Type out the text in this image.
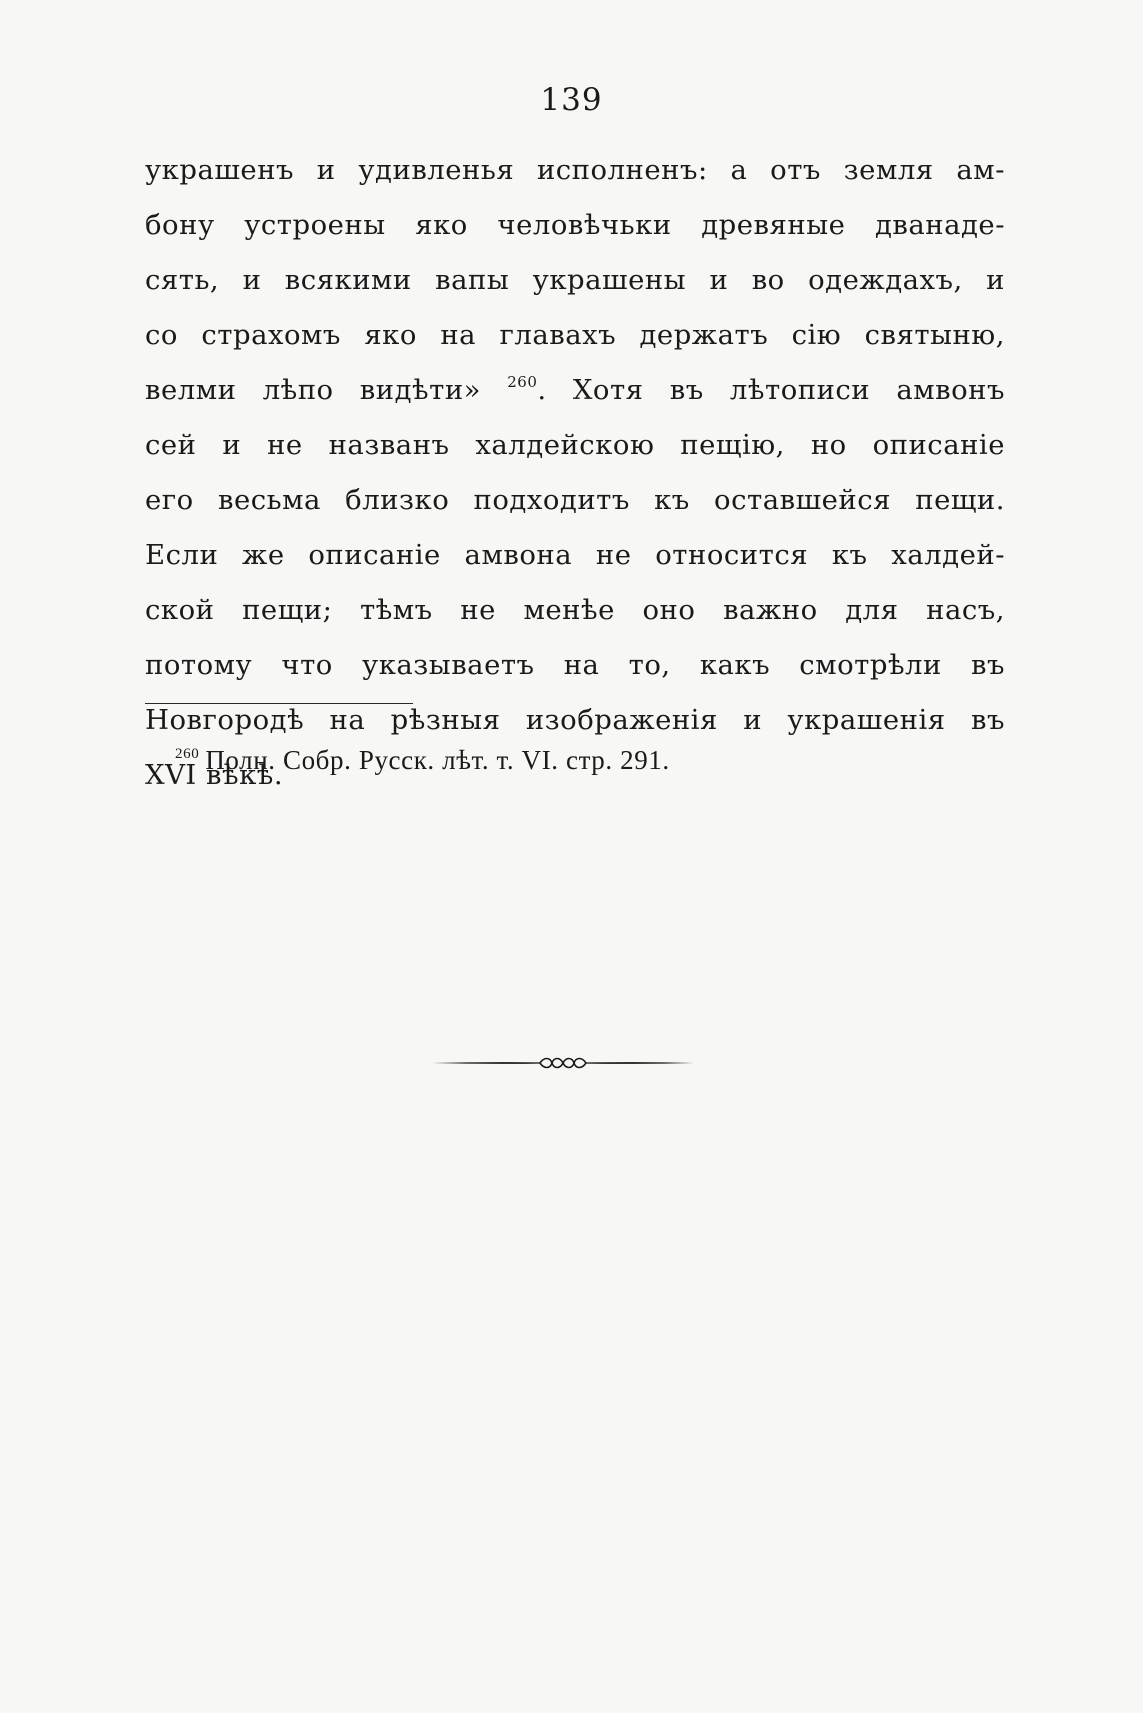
139
украшенъ и удивленья исполненъ: а отъ земля ам-
бону устроены яко человѣчьки древяные дванаде-
сять, и всякими вапы украшены и во одеждахъ, и
со страхомъ яко на главахъ держатъ сію святыню,
велми лѣпо видѣти» $^{260}$. Хотя въ лѣтописи амвонъ
сей и не названъ халдейскою пещію, но описаніе
его весьма близко подходитъ къ оставшейся пещи.
Если же описаніе амвона не относится къ халдей-
ской пещи; тѣмъ не менѣе оно важно для насъ,
потому что указываетъ на то, какъ смотрѣли въ
Новгородѣ на рѣзныя изображенія и украшенія въ
XVI вѣкѣ.
$^{260}$ Полн. Собр. Русск. лѣт. т. VI. стр. 291.
